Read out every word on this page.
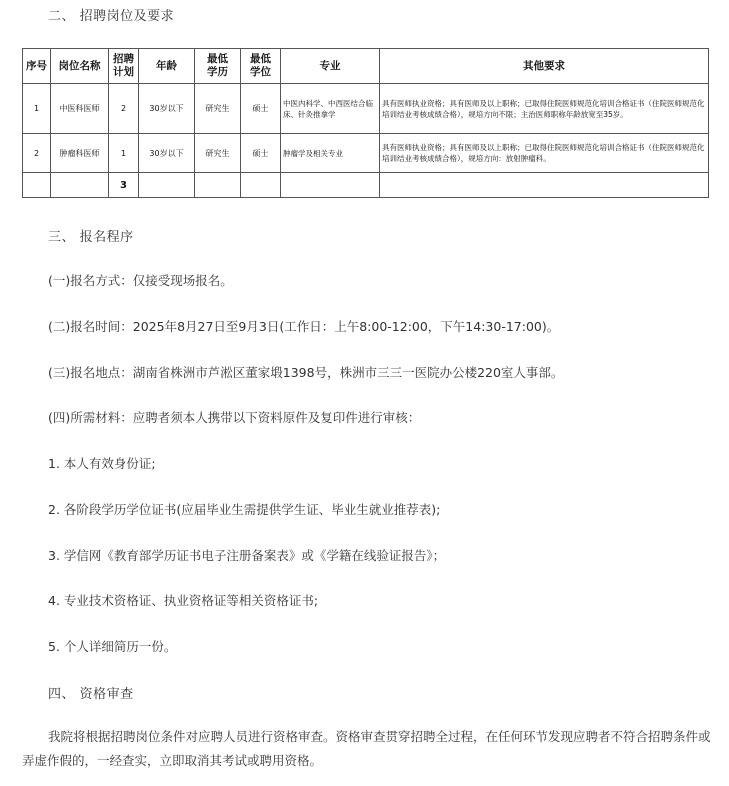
二、 招聘岗位及要求
序号	岗位名称	招聘计划	年龄	最低学历	最低学位	专业	其他要求
1	中医科医师	2	30岁以下	研究生	硕士	中医内科学、中西医结合临床、针灸推拿学	具有医师执业资格；具有医师及以上职称；已取得住院医师规范化培训合格证书（住院医师规范化培训结业考核成绩合格），规培方向不限；主治医师职称年龄放宽至35岁。
2	肿瘤科医师	1	30岁以下	研究生	硕士	肿瘤学及相关专业	具有医师执业资格；具有医师及以上职称；已取得住院医师规范化培训合格证书（住院医师规范化培训结业考核成绩合格），规培方向：放射肿瘤科。
		3					
三、 报名程序
(一)报名方式：仅接受现场报名。
(二)报名时间：2025年8月27日至9月3日(工作日：上午8:00-12:00，下午14:30-17:00)。
(三)报名地点：湖南省株洲市芦淞区董家塅1398号，株洲市三三一医院办公楼220室人事部。
(四)所需材料：应聘者须本人携带以下资料原件及复印件进行审核：
1. 本人有效身份证;
2. 各阶段学历学位证书(应届毕业生需提供学生证、毕业生就业推荐表);
3. 学信网《教育部学历证书电子注册备案表》或《学籍在线验证报告》；
4. 专业技术资格证、执业资格证等相关资格证书;
5. 个人详细简历一份。
四、 资格审查
我院将根据招聘岗位条件对应聘人员进行资格审查。资格审查贯穿招聘全过程，在任何环节发现应聘者不符合招聘条件或弄虚作假的，一经查实，立即取消其考试或聘用资格。
